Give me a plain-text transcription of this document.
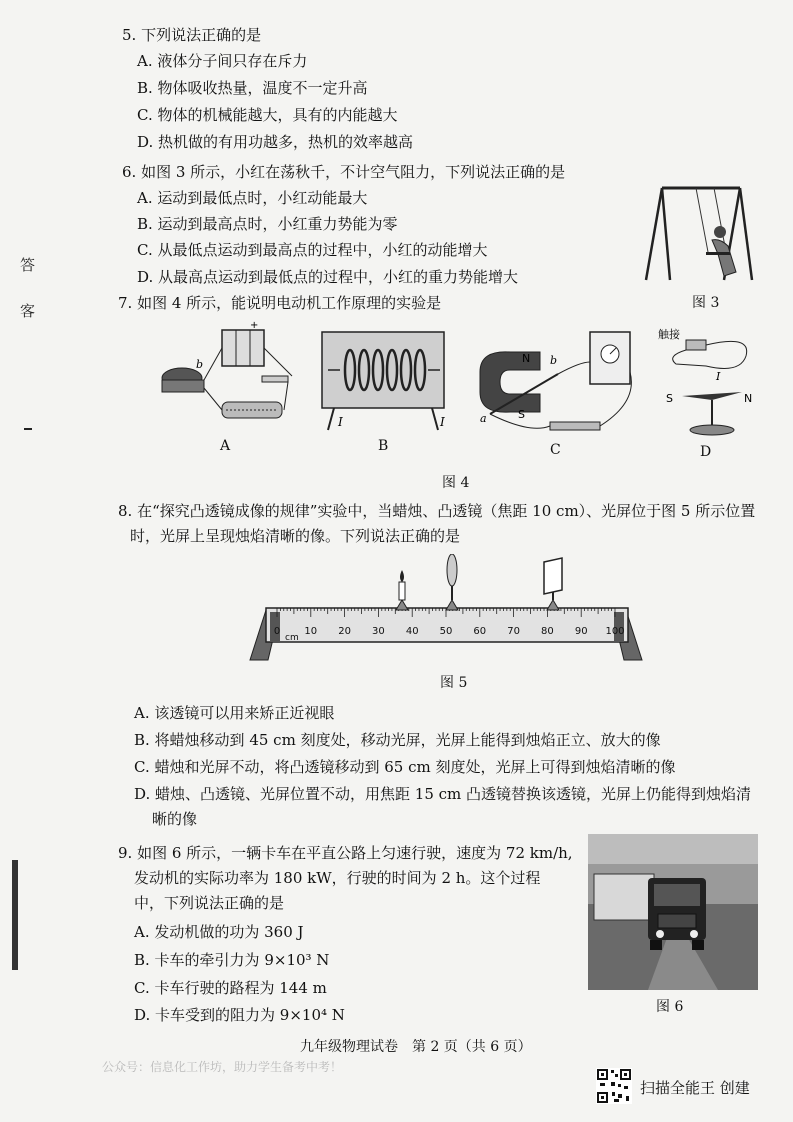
答
客
5. 下列说法正确的是
A. 液体分子间只存在斥力
B. 物体吸收热量，温度不一定升高
C. 物体的机械能越大，具有的内能越大
D. 热机做的有用功越多，热机的效率越高
6. 如图 3 所示，小红在荡秋千，不计空气阻力，下列说法正确的是
A. 运动到最低点时，小红动能最大
B. 运动到最高点时，小红重力势能为零
C. 从最低点运动到最高点的过程中，小红的动能增大
D. 从最高点运动到最低点的过程中，小红的重力势能增大
图 3
7. 如图 4 所示，能说明电动机工作原理的实验是
b
+
A
I	I
B
N
S
a
b
C
触接
S	N
I
D
图 4
8. 在“探究凸透镜成像的规律”实验中，当蜡烛、凸透镜（焦距 10 cm）、光屏位于图 5 所示位置
时，光屏上呈现烛焰清晰的像。下列说法正确的是
0 10 20 30 40 50 60 70 80 90 100
cm
图 5
A. 该透镜可以用来矫正近视眼
B. 将蜡烛移动到 45 cm 刻度处，移动光屏，光屏上能得到烛焰正立、放大的像
C. 蜡烛和光屏不动，将凸透镜移动到 65 cm 刻度处，光屏上可得到烛焰清晰的像
D. 蜡烛、凸透镜、光屏位置不动，用焦距 15 cm 凸透镜替换该透镜，光屏上仍能得到烛焰清
晰的像
9. 如图 6 所示，一辆卡车在平直公路上匀速行驶，速度为 72 km/h,
发动机的实际功率为 180 kW，行驶的时间为 2 h。这个过程
中，下列说法正确的是
A. 发动机做的功为 360 J
B. 卡车的牵引力为 9×10³ N
C. 卡车行驶的路程为 144 m
D. 卡车受到的阻力为 9×10⁴ N	图 6
九年级物理试卷　第 2 页（共 6 页）
公众号：信息化工作坊，助力学生备考中考！
扫描全能王 创建
